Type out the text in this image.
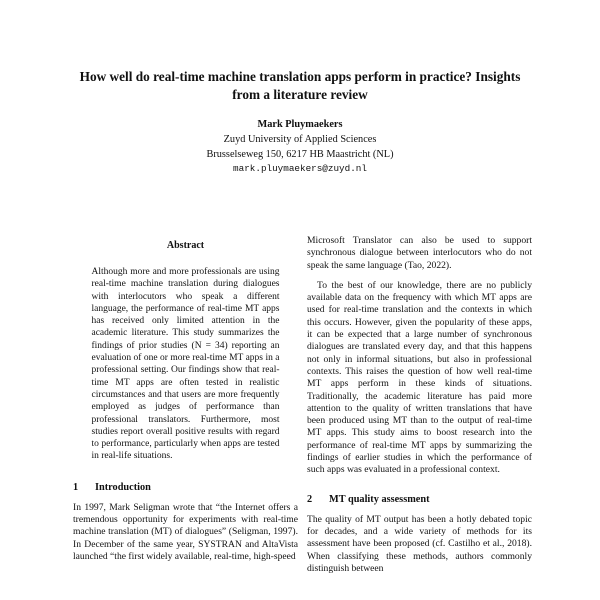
How well do real-time machine translation apps perform in practice? Insights from a literature review
Mark Pluymaekers
Zuyd University of Applied Sciences
Brusselseweg 150, 6217 HB Maastricht (NL)
mark.pluymaekers@zuyd.nl
Abstract

Although more and more professionals are using real-time machine translation during dialogues with interlocutors who speak a different language, the performance of real-time MT apps has received only limited attention in the academic literature. This study summarizes the findings of prior studies (N = 34) reporting an evaluation of one or more real-time MT apps in a professional setting. Our findings show that real-time MT apps are often tested in realistic circumstances and that users are more frequently employed as judges of performance than professional translators. Furthermore, most studies report overall positive results with regard to performance, particularly when apps are tested in real-life situations.

1 Introduction

In 1997, Mark Seligman wrote that “the Internet offers a tremendous opportunity for experiments with real-time machine translation (MT) of dialogues” (Seligman, 1997). In December of the same year, SYSTRAN and AltaVista launched “the first widely available, real-time, high-speed

Microsoft Translator can also be used to support synchronous dialogue between interlocutors who do not speak the same language (Tao, 2022).

To the best of our knowledge, there are no publicly available data on the frequency with which MT apps are used for real-time translation and the contexts in which this occurs. However, given the popularity of these apps, it can be expected that a large number of synchronous dialogues are translated every day, and that this happens not only in informal situations, but also in professional contexts. This raises the question of how well real-time MT apps perform in these kinds of situations. Traditionally, the academic literature has paid more attention to the quality of written translations that have been produced using MT than to the output of real-time MT apps. This study aims to boost research into the performance of real-time MT apps by summarizing the findings of earlier studies in which the performance of such apps was evaluated in a professional context.

2 MT quality assessment

The quality of MT output has been a hotly debated topic for decades, and a wide variety of methods for its assessment have been proposed (cf. Castilho et al., 2018). When classifying these methods, authors commonly distinguish between
